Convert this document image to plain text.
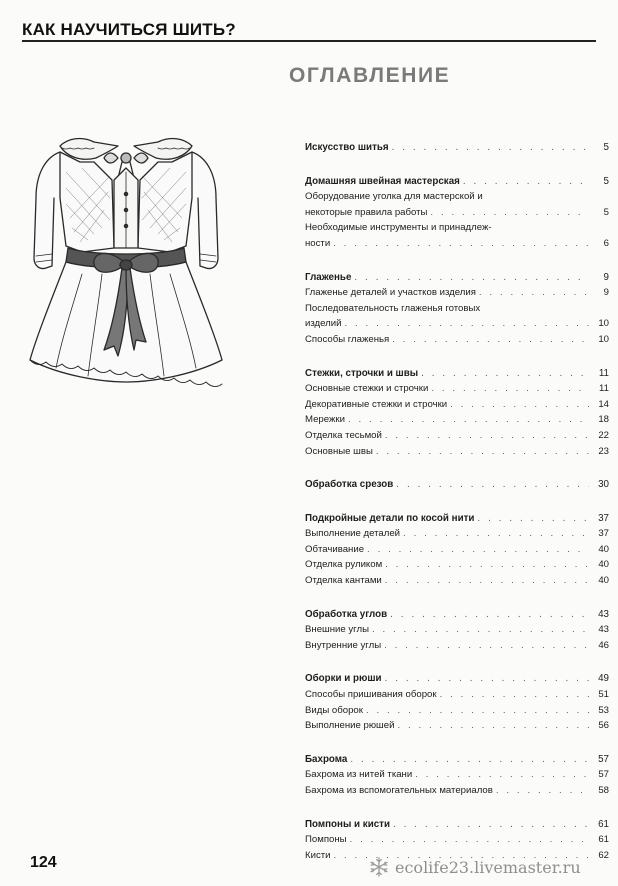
КАК НАУЧИТЬСЯ ШИТЬ?
ОГЛАВЛЕНИЕ
Искусство шитья . . .	5
Домашняя швейная мастерская . . .	5
Оборудование уголка для мастерской и
некоторые правила работы . . .	5
Необходимые инструменты и принадлеж-
ности . . .	6
Глаженье . . .	9
Глаженье деталей и участков изделия . . .	9
Последовательность глаженья готовых
изделий . . .	10
Способы глаженья . . .	10
Стежки, строчки и швы . . .	11
Основные стежки и строчки . . .	11
Декоративные стежки и строчки . . .	14
Мережки . . .	18
Отделка тесьмой . . .	22
Основные швы . . .	23
Обработка срезов . . .	30
Подкройные детали по косой нити . . .	37
Выполнение деталей . . .	37
Обтачивание . . .	40
Отделка руликом . . .	40
Отделка кантами . . .	40
Обработка углов . . .	43
Внешние углы . . .	43
Внутренние углы . . .	46
Оборки и рюши . . .	49
Способы пришивания оборок . . .	51
Виды оборок . . .	53
Выполнение рюшей . . .	56
Бахрома . . .	57
Бахрома из нитей ткани . . .	57
Бахрома из вспомогательных материалов . . .	58
Помпоны и кисти . . .	61
Помпоны . . .	61
Кисти . . .	62
124	ecolife23.livemaster.ru
